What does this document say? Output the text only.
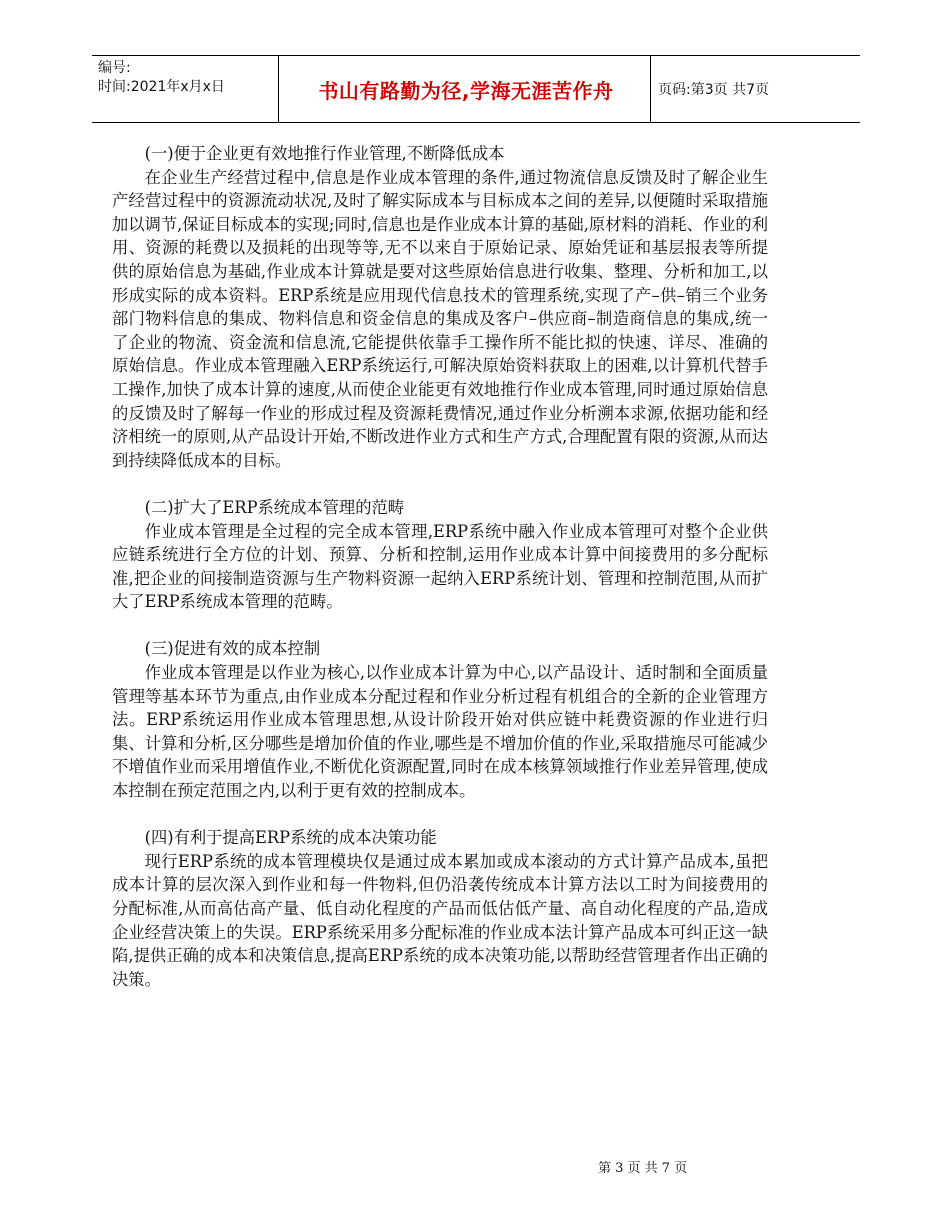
编号:
时间:2021年x月x日	书山有路勤为径,学海无涯苦作舟	页码:第3页 共7页

(一)便于企业更有效地推行作业管理,不断降低成本

在企业生产经营过程中,信息是作业成本管理的条件,通过物流信息反馈及时了解企业生产经营过程中的资源流动状况,及时了解实际成本与目标成本之间的差异,以便随时采取措施加以调节,保证目标成本的实现;同时,信息也是作业成本计算的基础,原材料的消耗、作业的利用、资源的耗费以及损耗的出现等等,无不以来自于原始记录、原始凭证和基层报表等所提供的原始信息为基础,作业成本计算就是要对这些原始信息进行收集、整理、分析和加工,以形成实际的成本资料。ERP系统是应用现代信息技术的管理系统,实现了产–供–销三个业务部门物料信息的集成、物料信息和资金信息的集成及客户–供应商–制造商信息的集成,统一了企业的物流、资金流和信息流,它能提供依靠手工操作所不能比拟的快速、详尽、准确的原始信息。作业成本管理融入ERP系统运行,可解决原始资料获取上的困难,以计算机代替手工操作,加快了成本计算的速度,从而使企业能更有效地推行作业成本管理,同时通过原始信息的反馈及时了解每一作业的形成过程及资源耗费情况,通过作业分析溯本求源,依据功能和经济相统一的原则,从产品设计开始,不断改进作业方式和生产方式,合理配置有限的资源,从而达到持续降低成本的目标。

(二)扩大了ERP系统成本管理的范畴

作业成本管理是全过程的完全成本管理,ERP系统中融入作业成本管理可对整个企业供应链系统进行全方位的计划、预算、分析和控制,运用作业成本计算中间接费用的多分配标准,把企业的间接制造资源与生产物料资源一起纳入ERP系统计划、管理和控制范围,从而扩大了ERP系统成本管理的范畴。

(三)促进有效的成本控制

作业成本管理是以作业为核心,以作业成本计算为中心,以产品设计、适时制和全面质量管理等基本环节为重点,由作业成本分配过程和作业分析过程有机组合的全新的企业管理方法。ERP系统运用作业成本管理思想,从设计阶段开始对供应链中耗费资源的作业进行归集、计算和分析,区分哪些是增加价值的作业,哪些是不增加价值的作业,采取措施尽可能减少不增值作业而采用增值作业,不断优化资源配置,同时在成本核算领域推行作业差异管理,使成本控制在预定范围之内,以利于更有效的控制成本。

(四)有利于提高ERP系统的成本决策功能

现行ERP系统的成本管理模块仅是通过成本累加或成本滚动的方式计算产品成本,虽把成本计算的层次深入到作业和每一件物料,但仍沿袭传统成本计算方法以工时为间接费用的分配标准,从而高估高产量、低自动化程度的产品而低估低产量、高自动化程度的产品,造成企业经营决策上的失误。ERP系统采用多分配标准的作业成本法计算产品成本可纠正这一缺陷,提供正确的成本和决策信息,提高ERP系统的成本决策功能,以帮助经营管理者作出正确的决策。

第 3 页 共 7 页
